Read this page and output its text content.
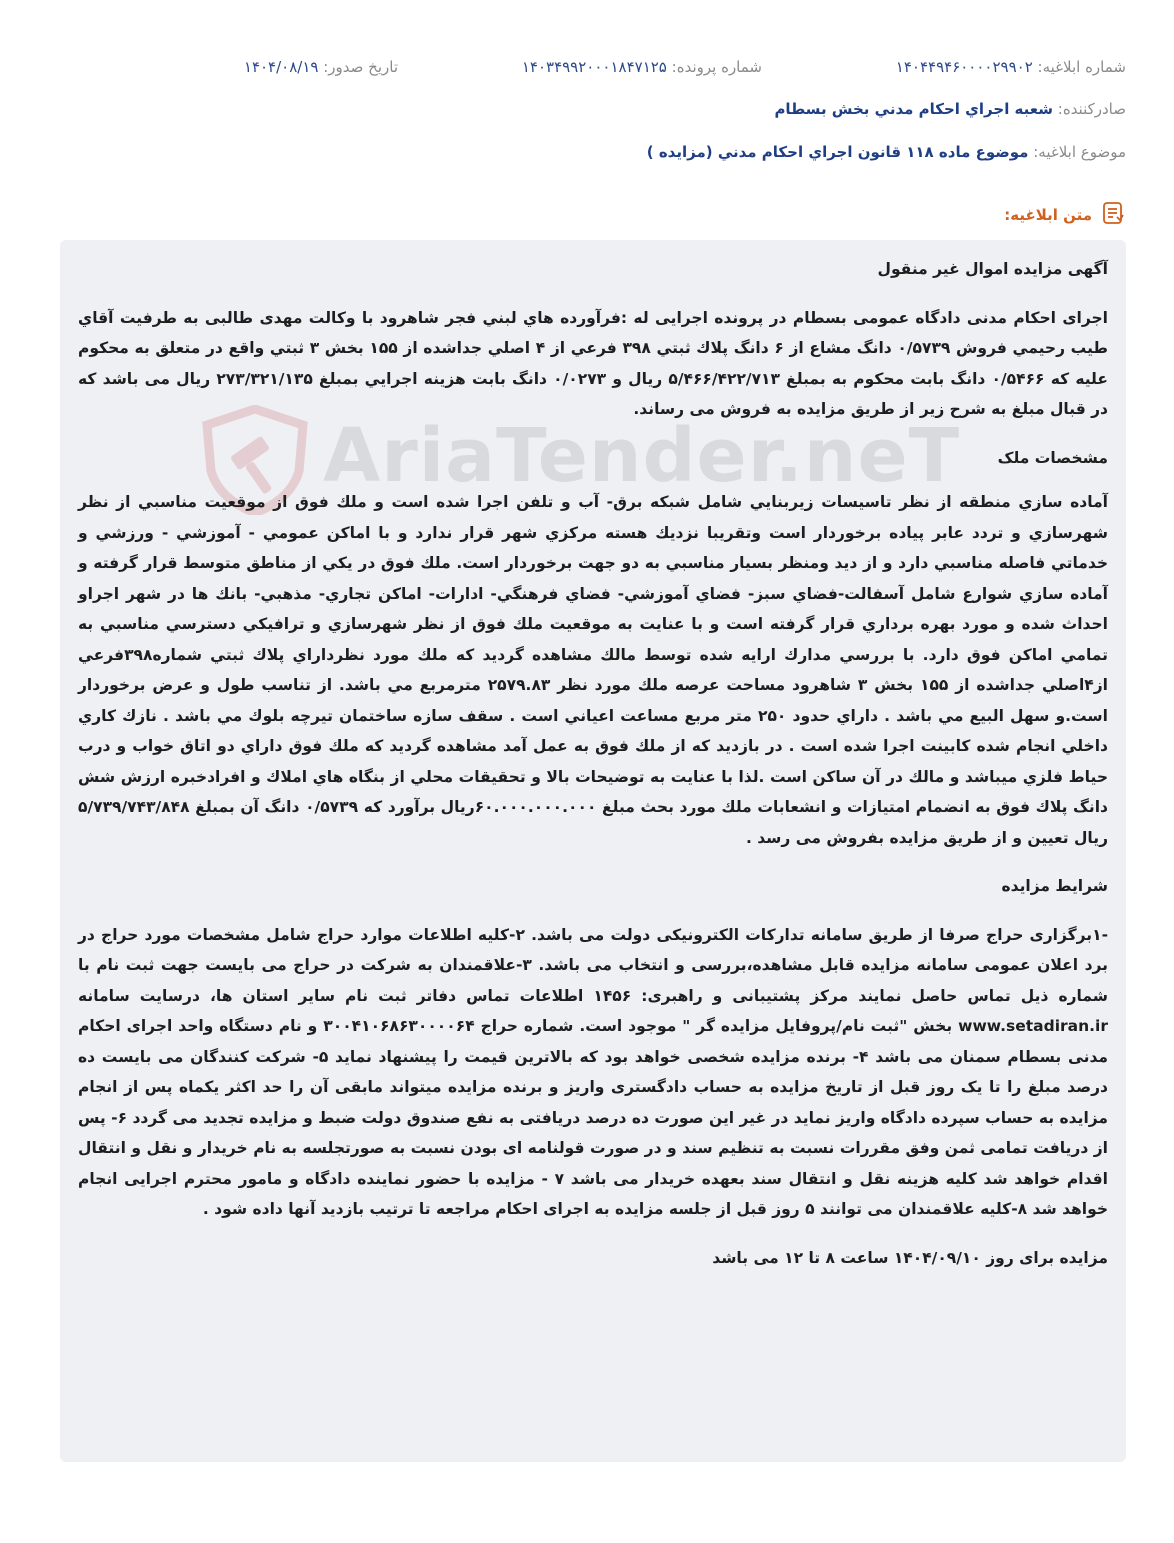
شماره ابلاغيه: ۱۴۰۴۴۹۴۶۰۰۰۰۲۹۹۰۲
شماره پرونده: ۱۴۰۳۴۹۹۲۰۰۰۱۸۴۷۱۲۵
تاريخ صدور: ۱۴۰۴/۰۸/۱۹
صادرکننده: شعبه اجراي احكام مدني بخش بسطام
موضوع ابلاغيه: موضوع ماده ۱۱۸ قانون اجراي احکام مدني (مزايده )
متن ابلاغيه:
AriaTender.neT

آگهی مزایده اموال غیر منقول

اجرای احکام مدنی دادگاه عمومی بسطام در پرونده اجرایی له :فرآورده هاي لبني فجر شاهرود با وكالت مهدى طالبى به طرفيت آقاي طيب رحيمي فروش ۰/۵۷۳۹ دانگ مشاع از ۶ دانگ پلاك ثبتي ۳۹۸ فرعي از ۴ اصلي جداشده از ۱۵۵ بخش ۳ ثبتي واقع در متعلق به محكوم عليه كه ۰/۵۴۶۶ دانگ بابت محكوم به بمبلغ ۵/۴۶۶/۴۲۲/۷۱۳ ريال و ۰/۰۲۷۳ دانگ بابت هزينه اجرايي بمبلغ ۲۷۳/۳۲۱/۱۳۵ ريال می باشد كه در قبال مبلغ به شرح زير از طريق مزايده به فروش می رساند.

مشخصات ملک

آماده سازي منطقه از نظر تاسيسات زيربنايي شامل شبكه برق- آب و تلفن اجرا شده است و ملك فوق از موقعيت مناسبي از نظر شهرسازي و تردد عابر پياده برخوردار است وتقريبا نزديك هسته مركزي شهر قرار ندارد و با اماكن عمومي - آموزشي - ورزشي و خدماتي فاصله مناسبي دارد و از ديد ومنظر بسيار مناسبي به دو جهت برخوردار است. ملك فوق در يكي از مناطق متوسط قرار گرفته و آماده سازي شوارع شامل آسفالت-فضاي سبز- فضاي آموزشي- فضاي فرهنگي- ادارات- اماكن تجاري- مذهبي- بانك ها در شهر اجراو احداث شده و مورد بهره برداري قرار گرفته است و با عنايت به موقعيت ملك فوق از نظر شهرسازي و ترافيكي دسترسي مناسبي به تمامي اماكن فوق دارد. با بررسي مدارك ارايه شده توسط مالك مشاهده گرديد كه ملك مورد نظرداراي پلاك ثبتي شماره۳۹۸فرعي از۴اصلي جداشده از ۱۵۵ بخش ۳ شاهرود مساحت عرصه ملك مورد نظر ۲۵۷۹.۸۳ مترمربع مي باشد. از تناسب طول و عرض برخوردار است.و سهل البيع مي باشد . داراي حدود ۲۵۰ متر مربع مساعت اعياني است . سقف سازه ساختمان تيرچه بلوك مي باشد . نازك كاري داخلي انجام شده كابينت اجرا شده است . در بازديد كه از ملك فوق به عمل آمد مشاهده گرديد كه ملك فوق داراي دو اتاق خواب و درب حياط فلزي ميباشد و مالك در آن ساكن است .لذا با عنايت به توضيحات بالا و تحقيقات محلي از بنگاه هاي املاك و افرادخبره ارزش شش دانگ پلاك فوق به انضمام امتيازات و انشعابات ملك مورد بحث مبلغ ۶۰.۰۰۰.۰۰۰.۰۰۰ريال برآورد كه ۰/۵۷۳۹ دانگ آن بمبلغ ۵/۷۳۹/۷۴۳/۸۴۸ ريال تعيين و از طریق مزایده بفروش می رسد .

شرایط مزایده

-۱برگزاری حراج صرفا از طریق سامانه تدارکات الکترونیکی دولت می باشد. ۲-کلیه اطلاعات موارد حراج شامل مشخصات مورد حراج در برد اعلان عمومی سامانه مزایده قابل مشاهده،بررسی و انتخاب می باشد. ۳-علاقمندان به شرکت در حراج می بایست جهت ثبت نام با شماره ذیل تماس حاصل نمایند مرکز پشتیبانی و راهبری: ۱۴۵۶ اطلاعات تماس دفاتر ثبت نام سایر استان ها، درسایت سامانه www.setadiran.ir بخش "ثبت نام/پروفایل مزایده گر " موجود است. شماره حراج ۳۰۰۴۱۰۶۸۶۳۰۰۰۰۶۴ و نام دستگاه واحد اجرای احکام مدنی بسطام سمنان می باشد ۴- برنده مزایده شخصی خواهد بود که بالاترین قیمت را پیشنهاد نماید ۵- شرکت کنندگان می بایست ده درصد مبلغ را تا یک روز قبل از تاریخ مزایده به حساب دادگستری واریز و برنده مزایده میتواند مابقی آن را حد اکثر یکماه پس از انجام مزایده به حساب سپرده دادگاه واریز نماید در غیر این صورت ده درصد دریافتی به نفع صندوق دولت ضبط و مزایده تجدید می گردد ۶- پس از دریافت تمامی ثمن وفق مقررات نسبت به تنظیم سند و در صورت قولنامه ای بودن نسبت به صورتجلسه به نام خریدار و نقل و انتقال اقدام خواهد شد کلیه هزینه نقل و انتقال سند بعهده خریدار می باشد ۷ - مزایده با حضور نماینده دادگاه و مامور محترم اجرایی انجام خواهد شد ۸-کلیه علاقمندان می توانند ۵ روز قبل از جلسه مزایده به اجرای احکام مراجعه تا ترتیب بازدید آنها داده شود .

مزایده برای روز ۱۴۰۴/۰۹/۱۰ ساعت ۸ تا ۱۲ می باشد
